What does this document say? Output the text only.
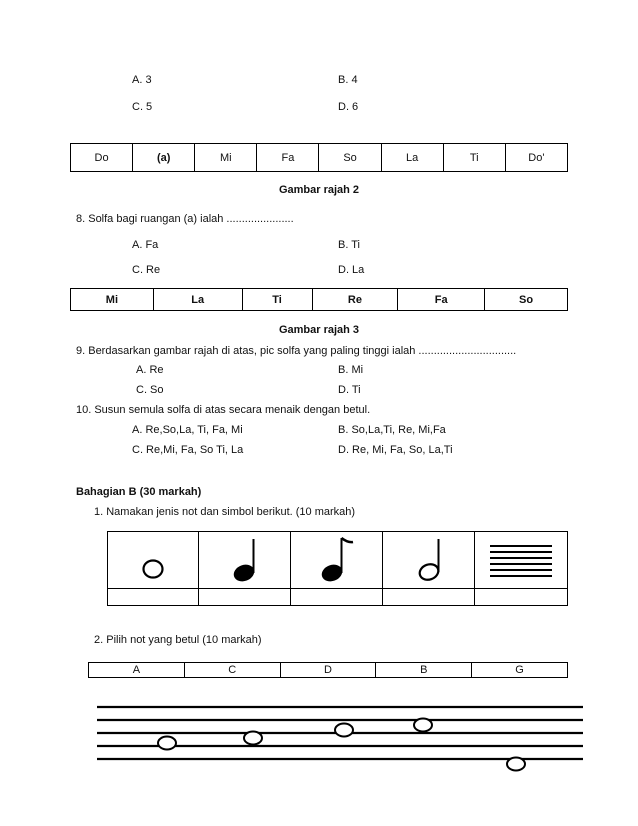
A. 3	B. 4
C. 5	D. 6
Do	(a)	Mi	Fa	So	La	Ti	Do'
Gambar rajah 2
8. Solfa bagi ruangan (a) ialah ......................
A. Fa	B. Ti
C. Re	D. La
Mi	La	Ti	Re	Fa	So
Gambar rajah 3
9. Berdasarkan gambar rajah di atas, pic solfa yang paling tinggi ialah ................................
A. Re	B. Mi
C. So	D. Ti
10. Susun semula solfa di atas secara menaik dengan betul.
A. Re,So,La, Ti, Fa, Mi	B. So,La,Ti, Re, Mi,Fa
C. Re,Mi, Fa, So Ti, La	D. Re, Mi, Fa, So, La,Ti
Bahagian B (30 markah)
1. Namakan jenis not dan simbol berikut. (10 markah)

2. Pilih not yang betul (10 markah)
A	C	D	B	G
